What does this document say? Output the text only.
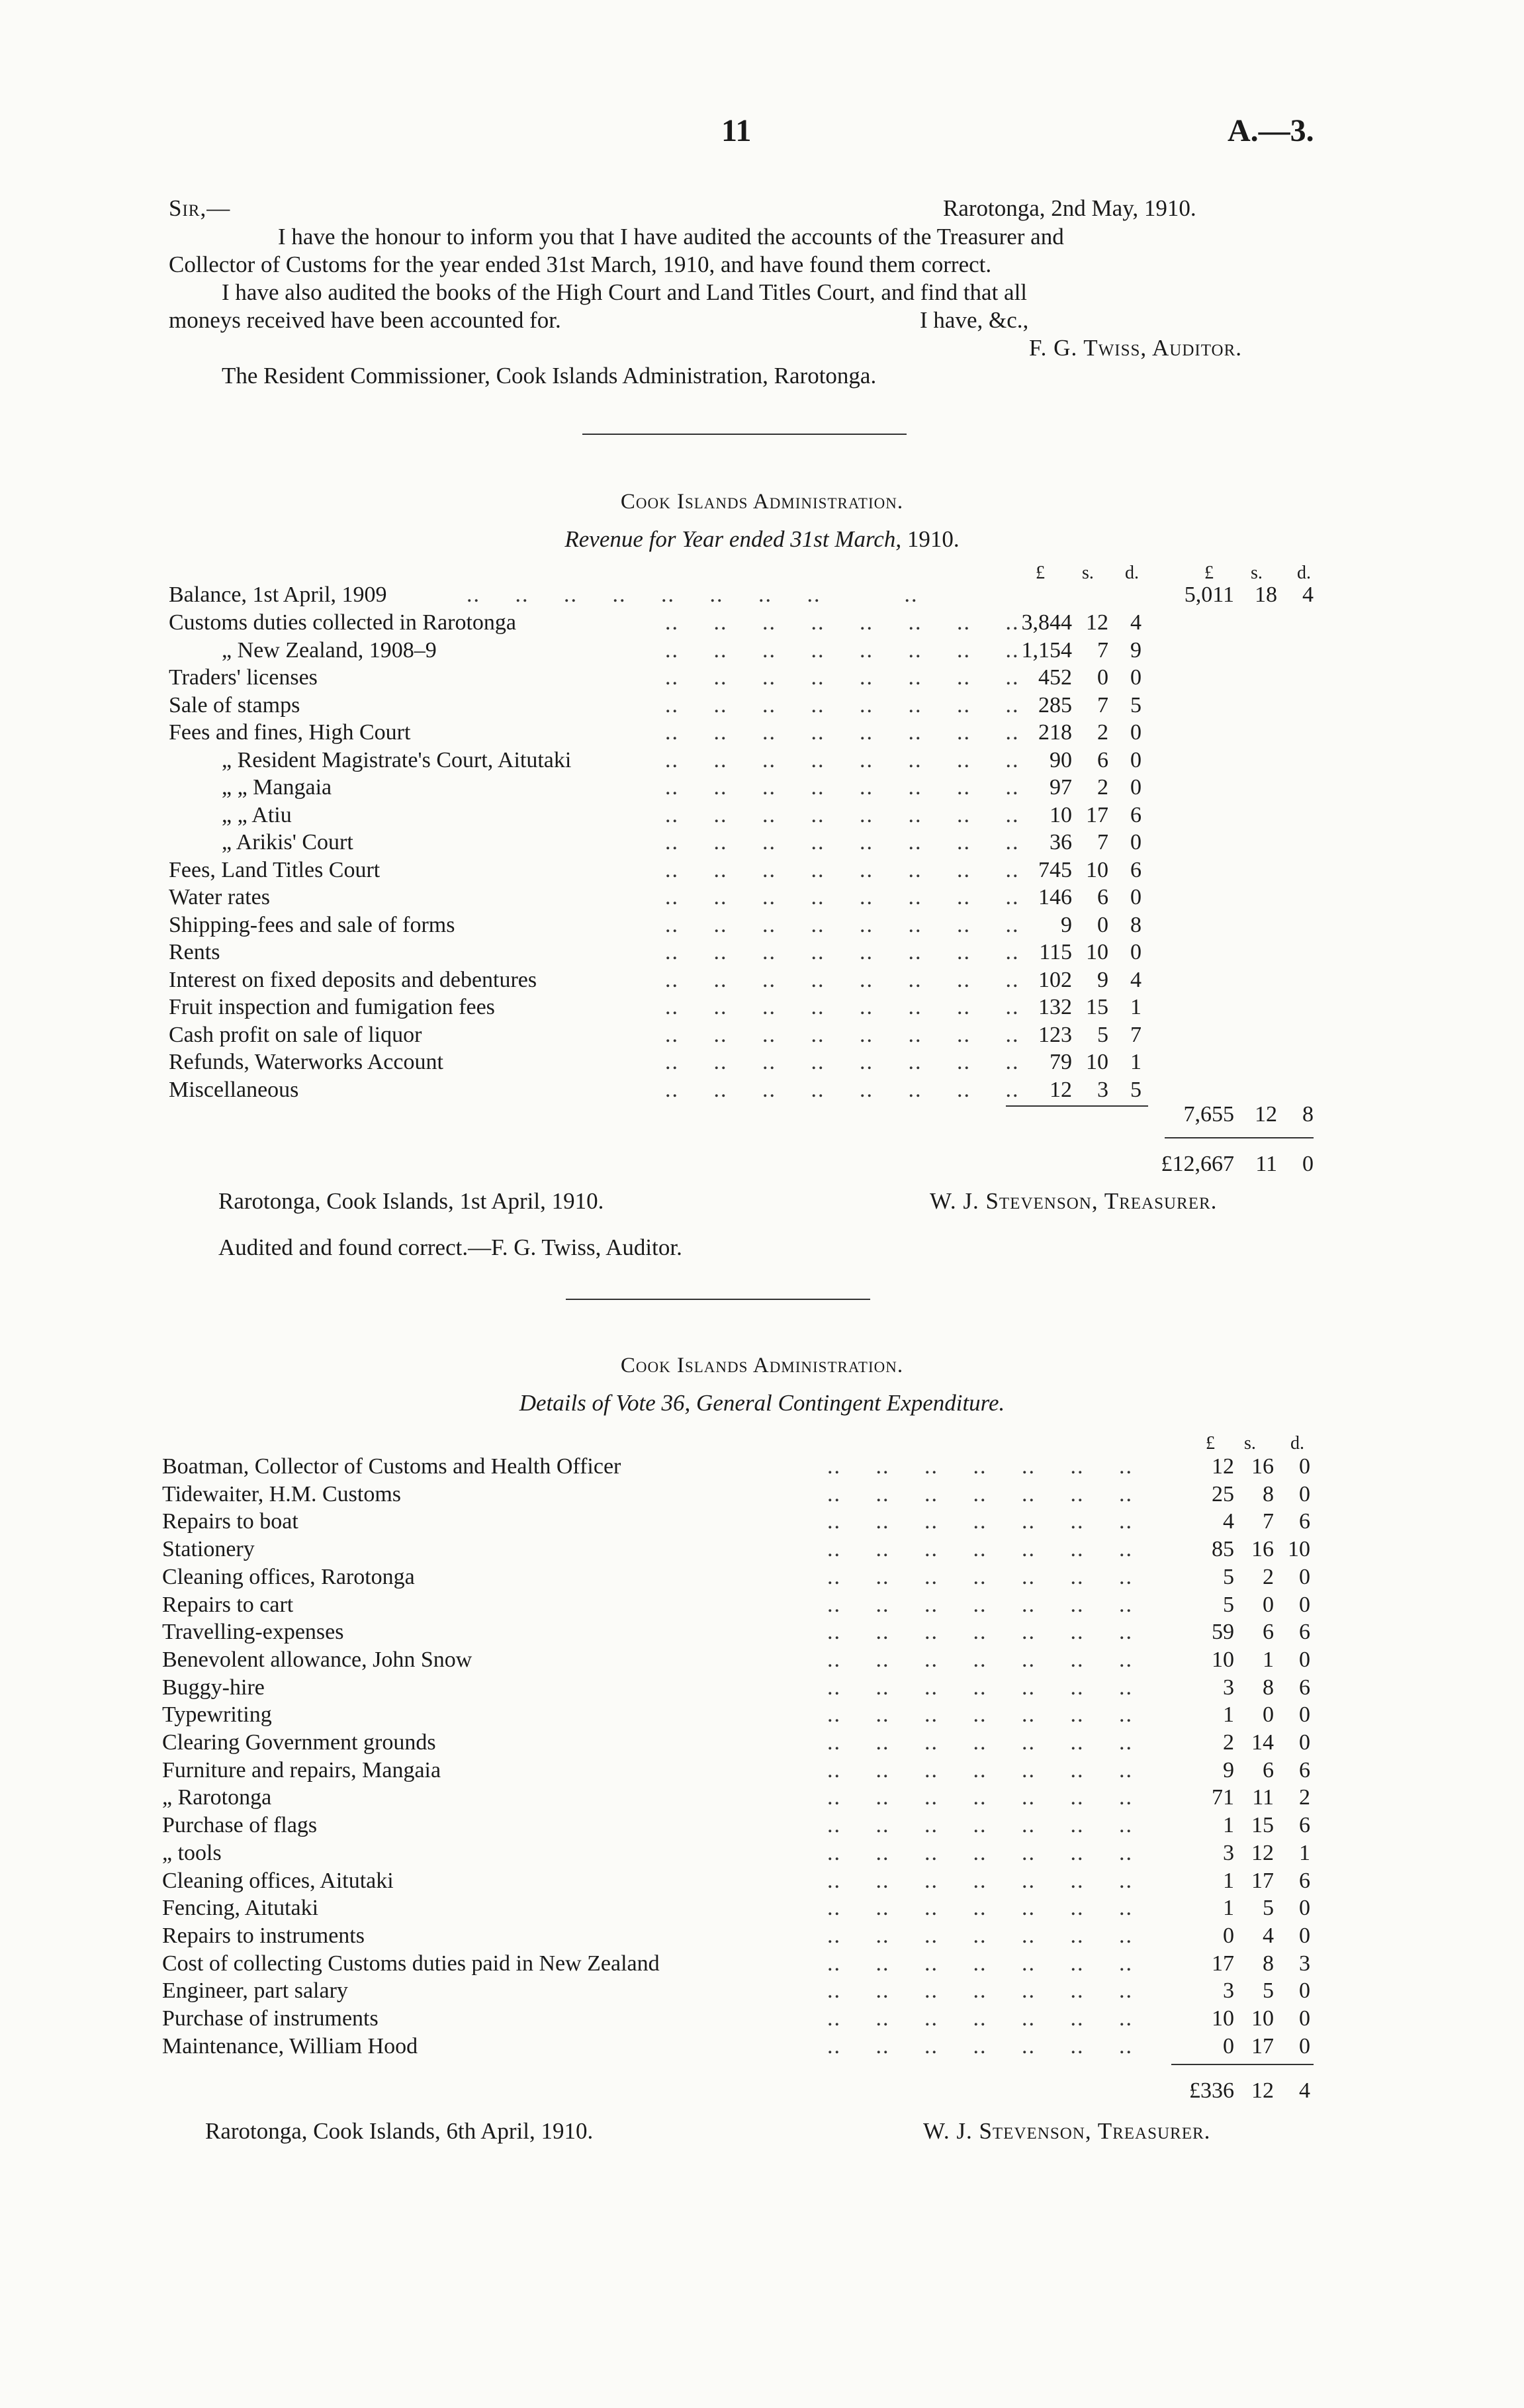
11	A.—3.
Sir,—	Rarotonga, 2nd May, 1910.
I have the honour to inform you that I have audited the accounts of the Treasurer and
Collector of Customs for the year ended 31st March, 1910, and have found them correct.
I have also audited the books of the High Court and Land Titles Court, and find that all
moneys received have been accounted for.	I have, &c.,
F. G. Twiss, Auditor.
The Resident Commissioner, Cook Islands Administration, Rarotonga.
Cook Islands Administration.
Revenue for Year ended 31st March, 1910.
£ s. d.	£ s. d.
Balance, 1st April, 1909	..     ..     ..     ..     ..     ..     ..     ..            ..	5,011 18	4
Customs duties collected in Rarotonga	..     ..     ..     ..     ..     ..     ..     .. 3,844 12 4
„ New Zealand, 1908–9	..     ..     ..     ..     ..     ..     ..     .. 1,154	7 9
Traders' licenses	..     ..     ..     ..     ..     ..     ..     .. 452	0 0
Sale of stamps	..     ..     ..     ..     ..     ..     ..     .. 285	7 5
Fees and fines, High Court	..     ..     ..     ..     ..     ..     ..     .. 218	2 0
„ Resident Magistrate's Court, Aitutaki	..     ..     ..     ..     ..     ..     ..     ..	90	6 0
„ „ Mangaia	..     ..     ..     ..     ..     ..     ..     ..	97	2 0
„ „ Atiu	..     ..     ..     ..     ..     ..     ..     ..	10 17 6
„ Arikis' Court	..     ..     ..     ..     ..     ..     ..     ..	36	7 0
Fees, Land Titles Court	..     ..     ..     ..     ..     ..     ..     .. 745 10 6
Water rates	..     ..     ..     ..     ..     ..     ..     .. 146	6 0
Shipping-fees and sale of forms	..     ..     ..     ..     ..     ..     ..     ..	9	0 8
Rents	..     ..     ..     ..     ..     ..     ..     .. 115 10 0
Interest on fixed deposits and debentures	..     ..     ..     ..     ..     ..     ..     .. 102	9 4
Fruit inspection and fumigation fees	..     ..     ..     ..     ..     ..     ..     .. 132 15 1
Cash profit on sale of liquor	..     ..     ..     ..     ..     ..     ..     .. 123	5 7
Refunds, Waterworks Account	..     ..     ..     ..     ..     ..     ..     ..	79 10 1
Miscellaneous	..     ..     ..     ..     ..     ..     ..     ..	12	3 5
7,655 12	8
£12,667 11	0
Rarotonga, Cook Islands, 1st April, 1910.	W. J. Stevenson, Treasurer.
Audited and found correct.—F. G. Twiss, Auditor.
Cook Islands Administration.
Details of Vote 36, General Contingent Expenditure.
£ s. d.
Boatman, Collector of Customs and Health Officer	..     ..     ..     ..     ..     ..     ..	12 16	0
Tidewaiter, H.M. Customs	..     ..     ..     ..     ..     ..     ..	25	8	0
Repairs to boat	..     ..     ..     ..     ..     ..     ..	4	7	6
Stationery	..     ..     ..     ..     ..     ..     ..	85 16 10
Cleaning offices, Rarotonga	..     ..     ..     ..     ..     ..     ..	5	2	0
Repairs to cart	..     ..     ..     ..     ..     ..     ..	5	0	0
Travelling-expenses	..     ..     ..     ..     ..     ..     ..	59	6	6
Benevolent allowance, John Snow	..     ..     ..     ..     ..     ..     ..	10	1	0
Buggy-hire	..     ..     ..     ..     ..     ..     ..	3	8	6
Typewriting	..     ..     ..     ..     ..     ..     ..	1	0	0
Clearing Government grounds	..     ..     ..     ..     ..     ..     ..	2 14	0
Furniture and repairs, Mangaia	..     ..     ..     ..     ..     ..     ..	9	6	6
„ Rarotonga	..     ..     ..     ..     ..     ..     ..	71 11	2
Purchase of flags	..     ..     ..     ..     ..     ..     ..	1 15	6
„ tools	..     ..     ..     ..     ..     ..     ..	3 12	1
Cleaning offices, Aitutaki	..     ..     ..     ..     ..     ..     ..	1 17	6
Fencing, Aitutaki	..     ..     ..     ..     ..     ..     ..	1	5	0
Repairs to instruments	..     ..     ..     ..     ..     ..     ..	0	4	0
Cost of collecting Customs duties paid in New Zealand	..     ..     ..     ..     ..     ..     ..	17	8	3
Engineer, part salary	..     ..     ..     ..     ..     ..     ..	3	5	0
Purchase of instruments	..     ..     ..     ..     ..     ..     ..	10 10	0
Maintenance, William Hood	..     ..     ..     ..     ..     ..     ..	0 17	0
£336 12	4
Rarotonga, Cook Islands, 6th April, 1910.	W. J. Stevenson, Treasurer.
